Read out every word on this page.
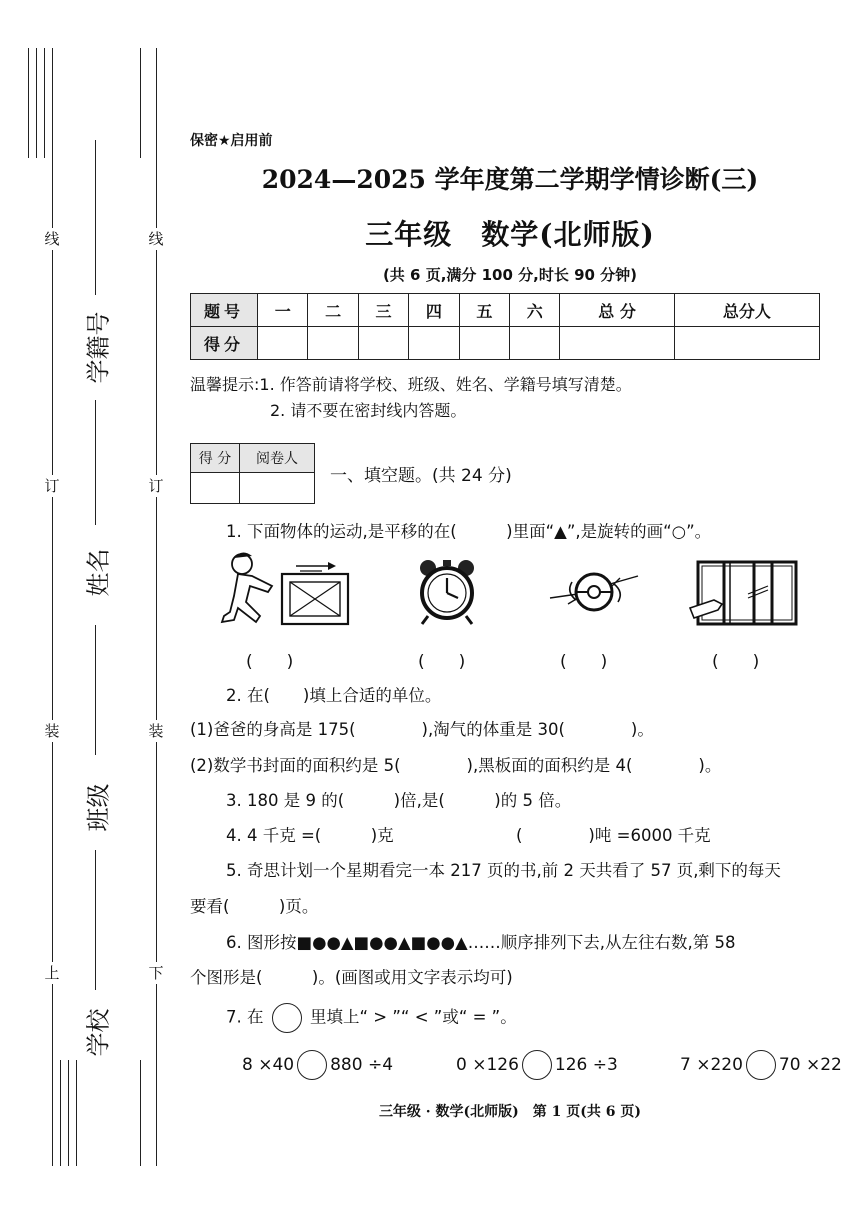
线
订
装
上
线
订
装
下
学籍号
姓名
班级
学校
保密★启用前
2024—2025 学年度第二学期学情诊断(三)
三年级　数学(北师版)
(共 6 页,满分 100 分,时长 90 分钟)
题号	一	二	三	四	五	六	总 分	总分人
得分								
温馨提示:1. 作答前请将学校、班级、姓名、学籍号填写清楚。
2. 请不要在密封线内答题。
得 分	阅卷人

一、填空题。(共 24 分)
1. 下面物体的运动,是平移的在(　　　)里面“▲”,是旋转的画“○”。
(　　)	(　　)	(　　)	(　　)
2. 在(　　)填上合适的单位。
(1)爸爸的身高是 175(　　　　),淘气的体重是 30(　　　　)。
(2)数学书封面的面积约是 5(　　　　),黑板面的面积约是 4(　　　　)。
3. 180 是 9 的(　　　)倍,是(　　　)的 5 倍。
4. 4 千克 =(　　　)克	(　　　　)吨 =6000 千克
5. 奇思计划一个星期看完一本 217 页的书,前 2 天共看了 57 页,剩下的每天
要看(　　　)页。
6. 图形按■●●▲■●●▲■●●▲……顺序排列下去,从左往右数,第 58
个图形是(　　　)。(画图或用文字表示均可)
7. 在	里填上“ > ”“ < ”或“ = ”。
8 ×40 880 ÷4	0 ×126 126 ÷3	7 ×220 70 ×22
三年级 · 数学(北师版)　第 1 页(共 6 页)
